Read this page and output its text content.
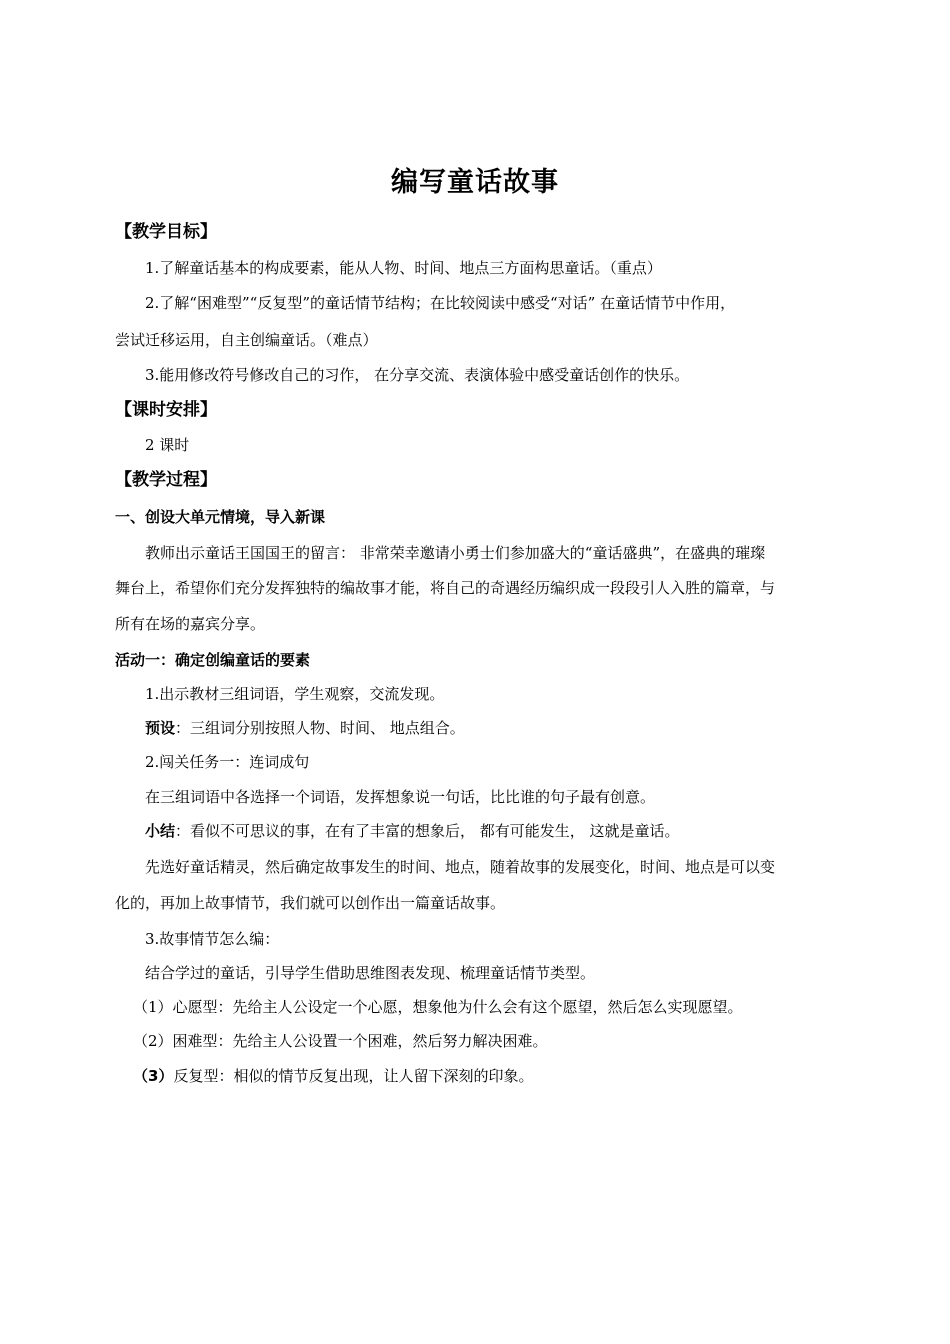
编写童话故事
【教学目标】
1.了解童话基本的构成要素，能从人物、时间、地点三方面构思童话。（重点）
2.了解“困难型”“反复型”的童话情节结构；在比较阅读中感受“对话” 在童话情节中作用，
尝试迁移运用，自主创编童话。（难点）
3.能用修改符号修改自己的习作， 在分享交流、表演体验中感受童话创作的快乐。
【课时安排】
2 课时
【教学过程】
一、创设大单元情境，导入新课
教师出示童话王国国王的留言： 非常荣幸邀请小勇士们参加盛大的“童话盛典”，在盛典的璀璨
舞台上，希望你们充分发挥独特的编故事才能，将自己的奇遇经历编织成一段段引人入胜的篇章，与
所有在场的嘉宾分享。
活动一：确定创编童话的要素
1.出示教材三组词语，学生观察，交流发现。
预设：三组词分别按照人物、时间、 地点组合。
2.闯关任务一：连词成句
在三组词语中各选择一个词语，发挥想象说一句话，比比谁的句子最有创意。
小结：看似不可思议的事，在有了丰富的想象后， 都有可能发生， 这就是童话。
先选好童话精灵，然后确定故事发生的时间、地点，随着故事的发展变化，时间、地点是可以变
化的，再加上故事情节，我们就可以创作出一篇童话故事。
3.故事情节怎么编：
结合学过的童话，引导学生借助思维图表发现、梳理童话情节类型。
（1）心愿型：先给主人公设定一个心愿，想象他为什么会有这个愿望，然后怎么实现愿望。
（2）困难型：先给主人公设置一个困难，然后努力解决困难。
（3）反复型：相似的情节反复出现，让人留下深刻的印象。
